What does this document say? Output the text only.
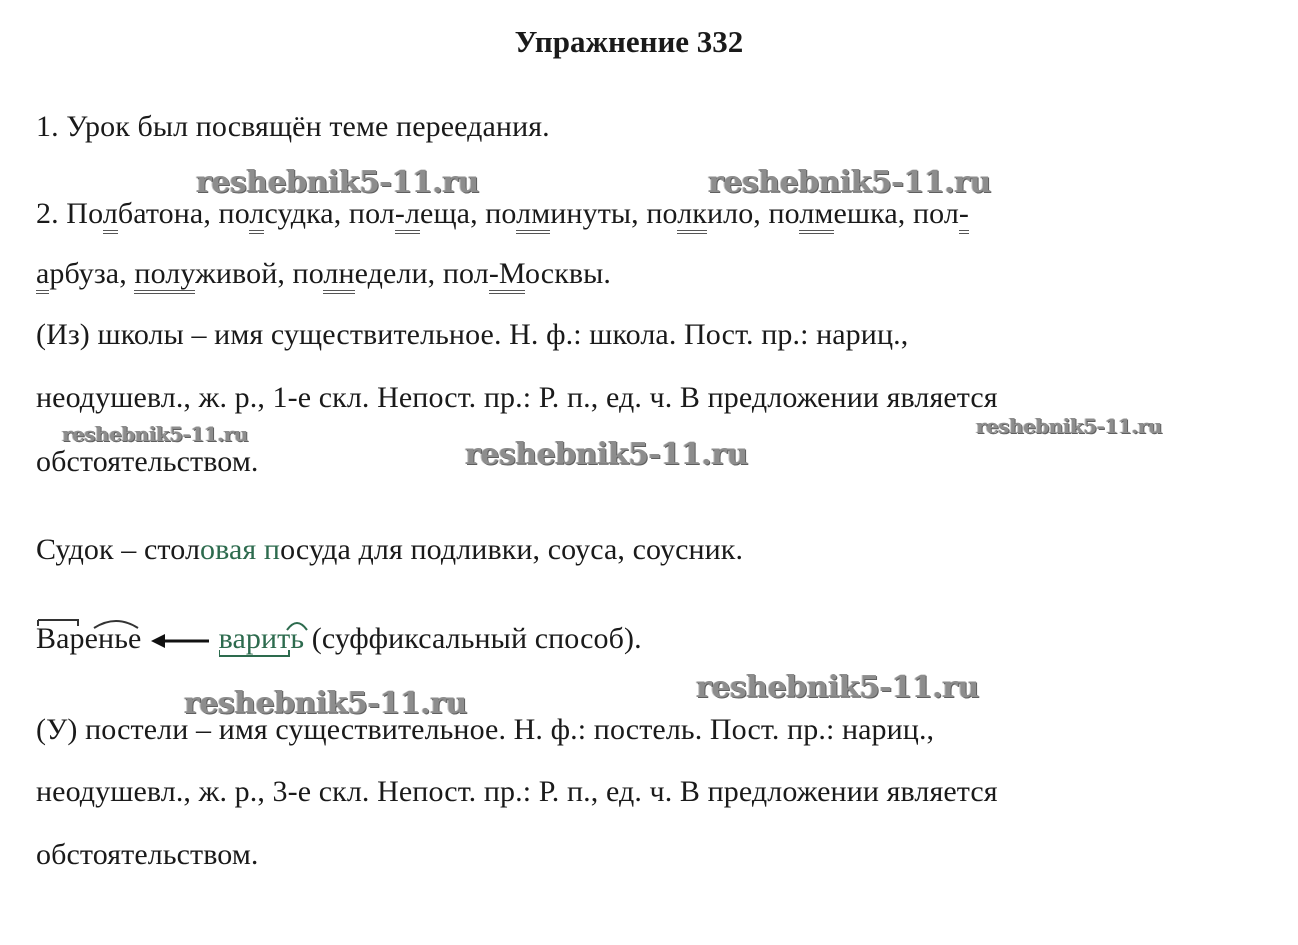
Упражнение 332
1. Урок был посвящён теме переедания.
2. Полбатона, полсудка, пол-леща, полминуты, полкило, полмешка, пол-
арбуза, полуживой, полнедели, пол-Москвы.
(Из) школы – имя существительное. Н. ф.: школа. Пост. пр.: нариц.,
неодушевл., ж. р., 1-е скл. Непост. пр.: Р. п., ед. ч. В предложении является
обстоятельством.
Судок – столовая посуда для подливки, соуса, соусник.
Варенье	варить
(суффиксальный способ).
(У) постели – имя существительное. Н. ф.: постель. Пост. пр.: нариц.,
неодушевл., ж. р., 3-е скл. Непост. пр.: Р. п., ед. ч. В предложении является
обстоятельством.
reshebnik5-11.ru	reshebnik5-11.ru
reshebnik5-11.ru	reshebnik5-11.ru
reshebnik5-11.ru
reshebnik5-11.ru	reshebnik5-11.ru
